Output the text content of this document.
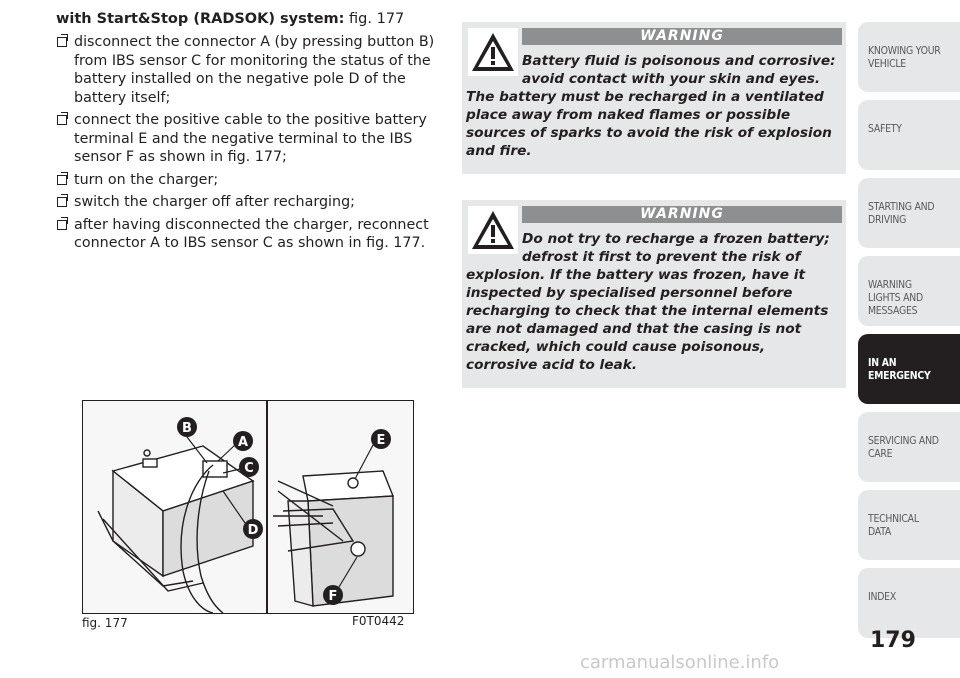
with Start&Stop (RADSOK) system: fig. 177

disconnect the connector A (by pressing button B) from IBS sensor C for monitoring the status of the battery installed on the negative pole D of the battery itself;
connect the positive cable to the positive battery terminal E and the negative terminal to the IBS sensor F as shown in fig. 177;
turn on the charger;
switch the charger off after recharging;
after having disconnected the charger, reconnect connector A to IBS sensor C as shown in fig. 177.
WARNING
Battery fluid is poisonous and corrosive: avoid contact with your skin and eyes.
The battery must be recharged in a ventilated place away from naked flames or possible sources of sparks to avoid the risk of explosion and fire.
WARNING
Do not try to recharge a frozen battery; defrost it first to prevent the risk of
explosion. If the battery was frozen, have it inspected by specialised personnel before recharging to check that the internal elements are not damaged and that the casing is not cracked, which could cause poisonous, corrosive acid to leak.
B
A
C
D
E
F
fig. 177	F0T0442
KNOWING YOUR VEHICLE
SAFETY
STARTING AND DRIVING
WARNING LIGHTS AND MESSAGES
IN AN EMERGENCY
SERVICING AND CARE
TECHNICAL DATA
INDEX
179
carmanualsonline.info
